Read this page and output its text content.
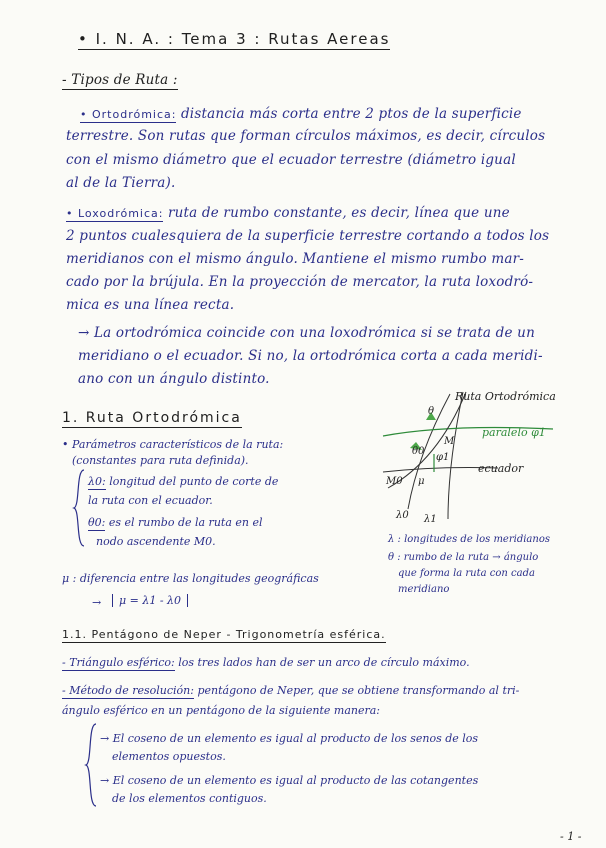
• I. N. A. : Tema 3 : Rutas Aereas
- Tipos de Ruta :
• Ortodrómica: distancia más corta entre 2 ptos de la superficie
terrestre. Son rutas que forman círculos máximos, es decir, círculos
con el mismo diámetro que el ecuador terrestre (diámetro igual
al de la Tierra).
• Loxodrómica: ruta de rumbo constante, es decir, línea que une
2 puntos cualesquiera de la superficie terrestre cortando a todos los
meridianos con el mismo ángulo. Mantiene el mismo rumbo mar-
cado por la brújula. En la proyección de mercator, la ruta loxodró-
mica es una línea recta.
→ La ortodrómica coincide con una loxodrómica si se trata de un
meridiano o el ecuador. Si no, la ortodrómica corta a cada meridi-
ano con un ángulo distinto.
1. Ruta Ortodrómica
• Parámetros característicos de la ruta:
(constantes para ruta definida).
λ0: longitud del punto de corte de
la ruta con el ecuador.
θ0: es el rumbo de la ruta en el
nodo ascendente M0.
μ : diferencia entre las longitudes geográficas
→	μ = λ1 - λ0
Ruta Ortodrómica
paralelo φ1
ecuador
θ
θ0
φ1
M
M0 μ
λ0 λ1
λ : longitudes de los meridianos
θ : rumbo de la ruta → ángulo
que forma la ruta con cada
meridiano
1.1. Pentágono de Neper - Trigonometría esférica.
- Triángulo esférico: los tres lados han de ser un arco de círculo máximo.
- Método de resolución: pentágono de Neper, que se obtiene transformando al tri-
ángulo esférico en un pentágono de la siguiente manera:
→ El coseno de un elemento es igual al producto de los senos de los
elementos opuestos.
→ El coseno de un elemento es igual al producto de las cotangentes
de los elementos contiguos.
- 1 -
